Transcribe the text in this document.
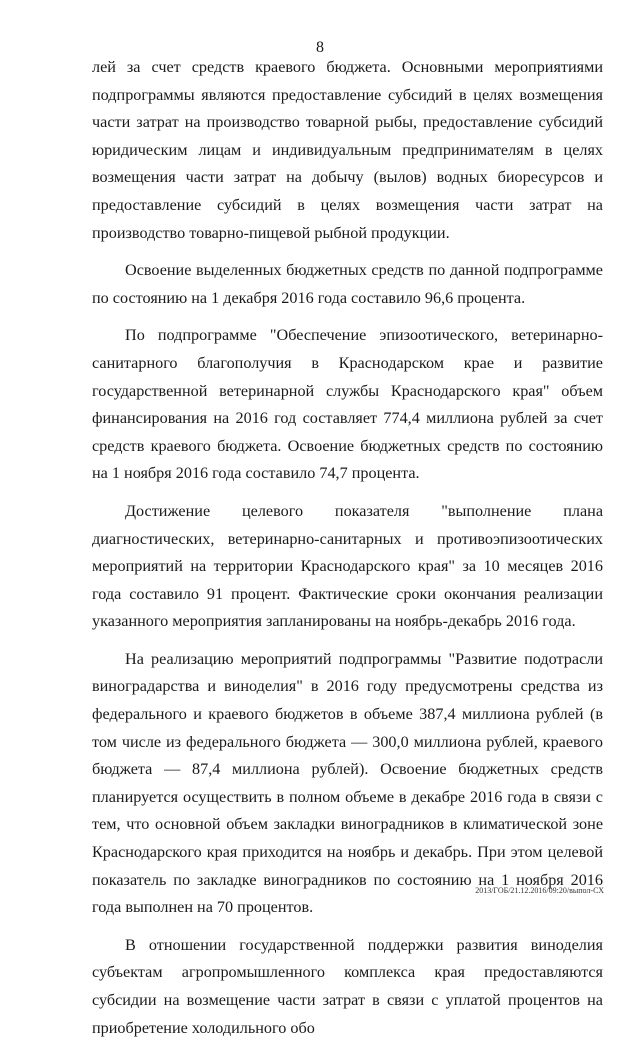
8

лей за счет средств краевого бюджета. Основными мероприятиями подпрограммы являются предоставление субсидий в целях возмещения части затрат на производство товарной рыбы, предоставление субсидий юридическим лицам и индивидуальным предпринимателям в целях возмещения части затрат на добычу (вылов) водных биоресурсов и предоставление субсидий в целях возмещения части затрат на производство товарно-пищевой рыбной продукции.

Освоение выделенных бюджетных средств по данной подпрограмме по состоянию на 1 декабря 2016 года составило 96,6 процента.

По подпрограмме "Обеспечение эпизоотического, ветеринарно-санитарного благополучия в Краснодарском крае и развитие государственной ветеринарной службы Краснодарского края" объем финансирования на 2016 год составляет 774,4 миллиона рублей за счет средств краевого бюджета. Освоение бюджетных средств по состоянию на 1 ноября 2016 года составило 74,7 процента.

Достижение целевого показателя "выполнение плана диагностических, ветеринарно-санитарных и противоэпизоотических мероприятий на территории Краснодарского края" за 10 месяцев 2016 года составило 91 процент. Фактические сроки окончания реализации указанного мероприятия запланированы на ноябрь-декабрь 2016 года.

На реализацию мероприятий подпрограммы "Развитие подотрасли виноградарства и виноделия" в 2016 году предусмотрены средства из федерального и краевого бюджетов в объеме 387,4 миллиона рублей (в том числе из федерального бюджета — 300,0 миллиона рублей, краевого бюджета — 87,4 миллиона рублей). Освоение бюджетных средств планируется осуществить в полном объеме в декабре 2016 года в связи с тем, что основной объем закладки виноградников в климатической зоне Краснодарского края приходится на ноябрь и декабрь. При этом целевой показатель по закладке виноградников по состоянию на 1 ноября 2016 года выполнен на 70 процентов.

В отношении государственной поддержки развития виноделия субъектам агропромышленного комплекса края предоставляются субсидии на возмещение части затрат в связи с уплатой процентов на приобретение холодильного обо

2013/ГОБ/21.12.2016/09:20/выпол-СХ
